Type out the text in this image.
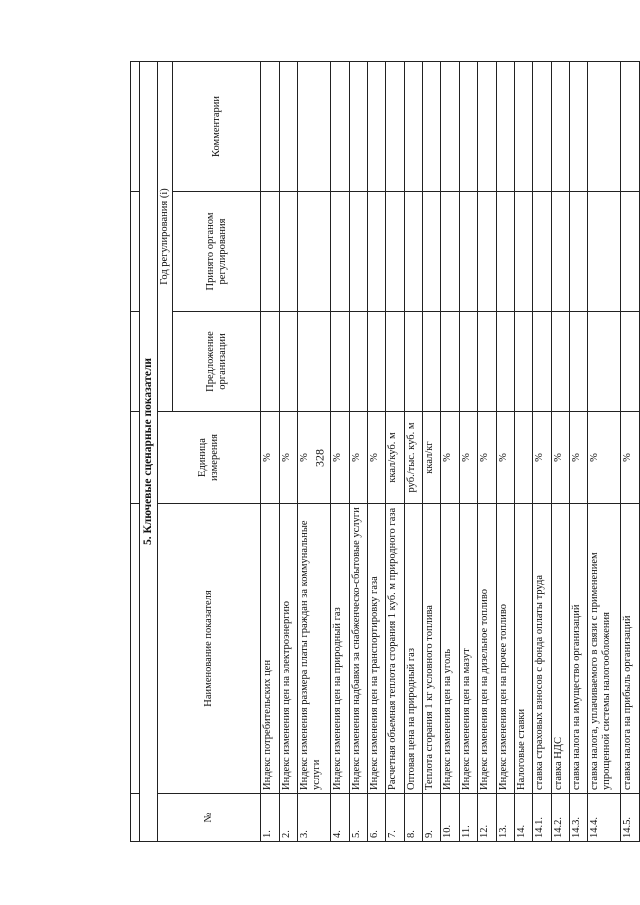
328

5. Ключевые сценарные показатели					
№	Наименование показателя	Единица измерения	Год регулирования (i)		
			Предложение организации	Принято органом регулирования	Комментарии
1.	Индекс потребительских цен	%			
2.	Индекс изменения цен на электроэнергию	%			
3.	Индекс изменения размера платы граждан за коммунальные услуги	%			
4.	Индекс изменения цен на природный газ	%			
5.	Индекс изменения надбавки за снабженческо-сбытовые услуги	%			
6.	Индекс изменения цен на транспортировку газа	%			
7.	Расчетная объемная теплота сгорания 1 куб. м природного газа	ккал/куб. м			
8.	Оптовая цена на природный газ	руб./тыс. куб. м			
9.	Теплота сгорания 1 кг условного топлива	ккал/кг			
10.	Индекс изменения цен на уголь	%			
11.	Индекс изменения цен на мазут	%			
12.	Индекс изменения цен на дизельное топливо	%			
13.	Индекс изменения цен на прочее топливо	%			
14.	Налоговые ставки				
14.1.	ставка страховых взносов с фонда оплаты труда	%			
14.2.	ставка НДС	%			
14.3.	ставка налога на имущество организаций	%			
14.4.	ставка налога, уплачиваемого в связи с применением упрощенной системы налогообложения	%			
14.5.	ставка налога на прибыль организаций	%			
